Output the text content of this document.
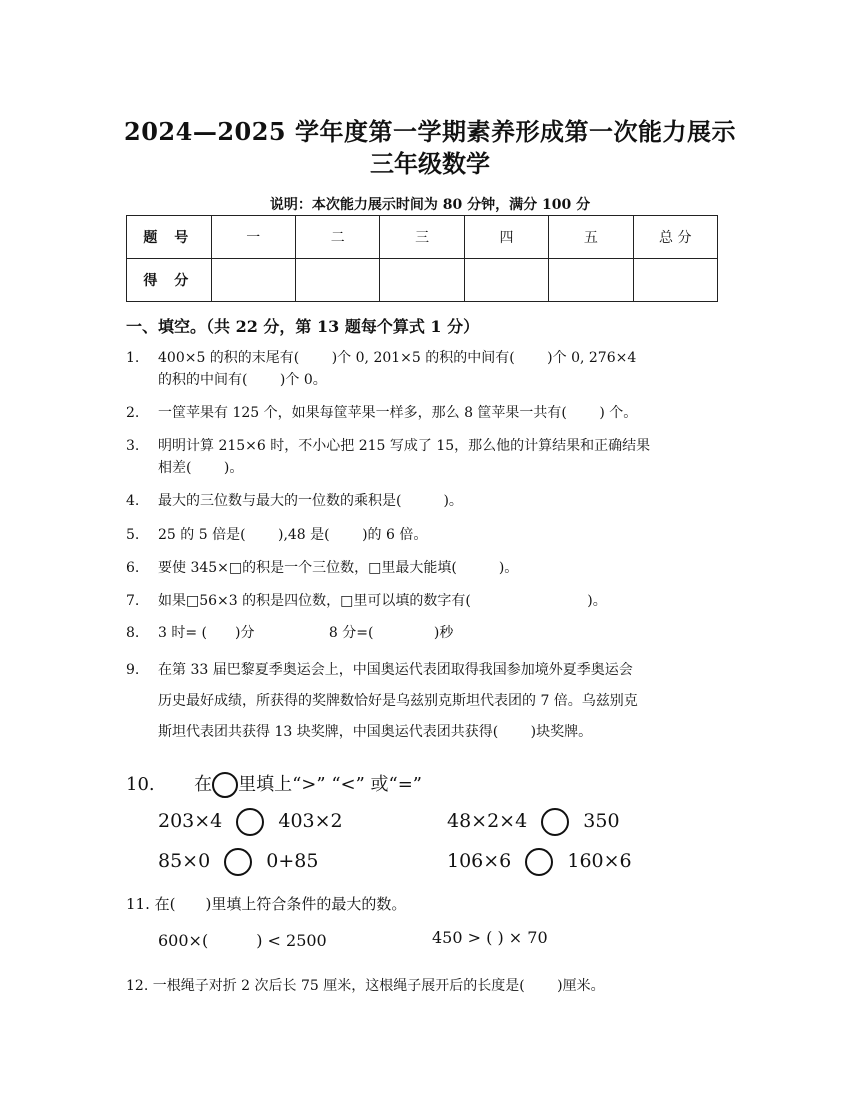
2024—2025 学年度第一学期素养形成第一次能力展示
三年级数学
说明：本次能力展示时间为 80 分钟，满分 100 分
题 号	一	二	三	四	五	总 分
得 分						
一、填空。（共 22 分，第 13 题每个算式 1 分）
1. 400×5 的积的末尾有(　　 )个 0, 201×5 的积的中间有(　　 )个 0, 276×4
的积的中间有(　　 )个 0。
2. 一筐苹果有 125 个，如果每筐苹果一样多，那么 8 筐苹果一共有(　　 ) 个。
3. 明明计算 215×6 时，不小心把 215 写成了 15，那么他的计算结果和正确结果
相差(　　 )。
4. 最大的三位数与最大的一位数的乘积是(　　　)。
5. 25 的 5 倍是(　　 ),48 是(　　 )的 6 倍。
6. 要使 345×□的积是一个三位数，□里最大能填(　　　)。
7. 如果□56×3 的积是四位数，□里可以填的数字有(　　　　　　　　 )。
8. 3 时= (　　)分　　　　　 8 分=(　　　　 )秒
9. 在第 33 届巴黎夏季奥运会上，中国奥运代表团取得我国参加境外夏季奥运会
历史最好成绩，所获得的奖牌数恰好是乌兹别克斯坦代表团的 7 倍。乌兹别克
斯坦代表团共获得 13 块奖牌，中国奥运代表团共获得(　　 )块奖牌。
10. 在 里填上“>” “<” 或“=”
203×4	403×2	48×2×4	350
85×0	0+85	106×6	160×6
11. 在(　　)里填上符合条件的最大的数。
600×(　　　) < 2500	450 > ( ) × 70
12. 一根绳子对折 2 次后长 75 厘米，这根绳子展开后的长度是(　　 )厘米。
